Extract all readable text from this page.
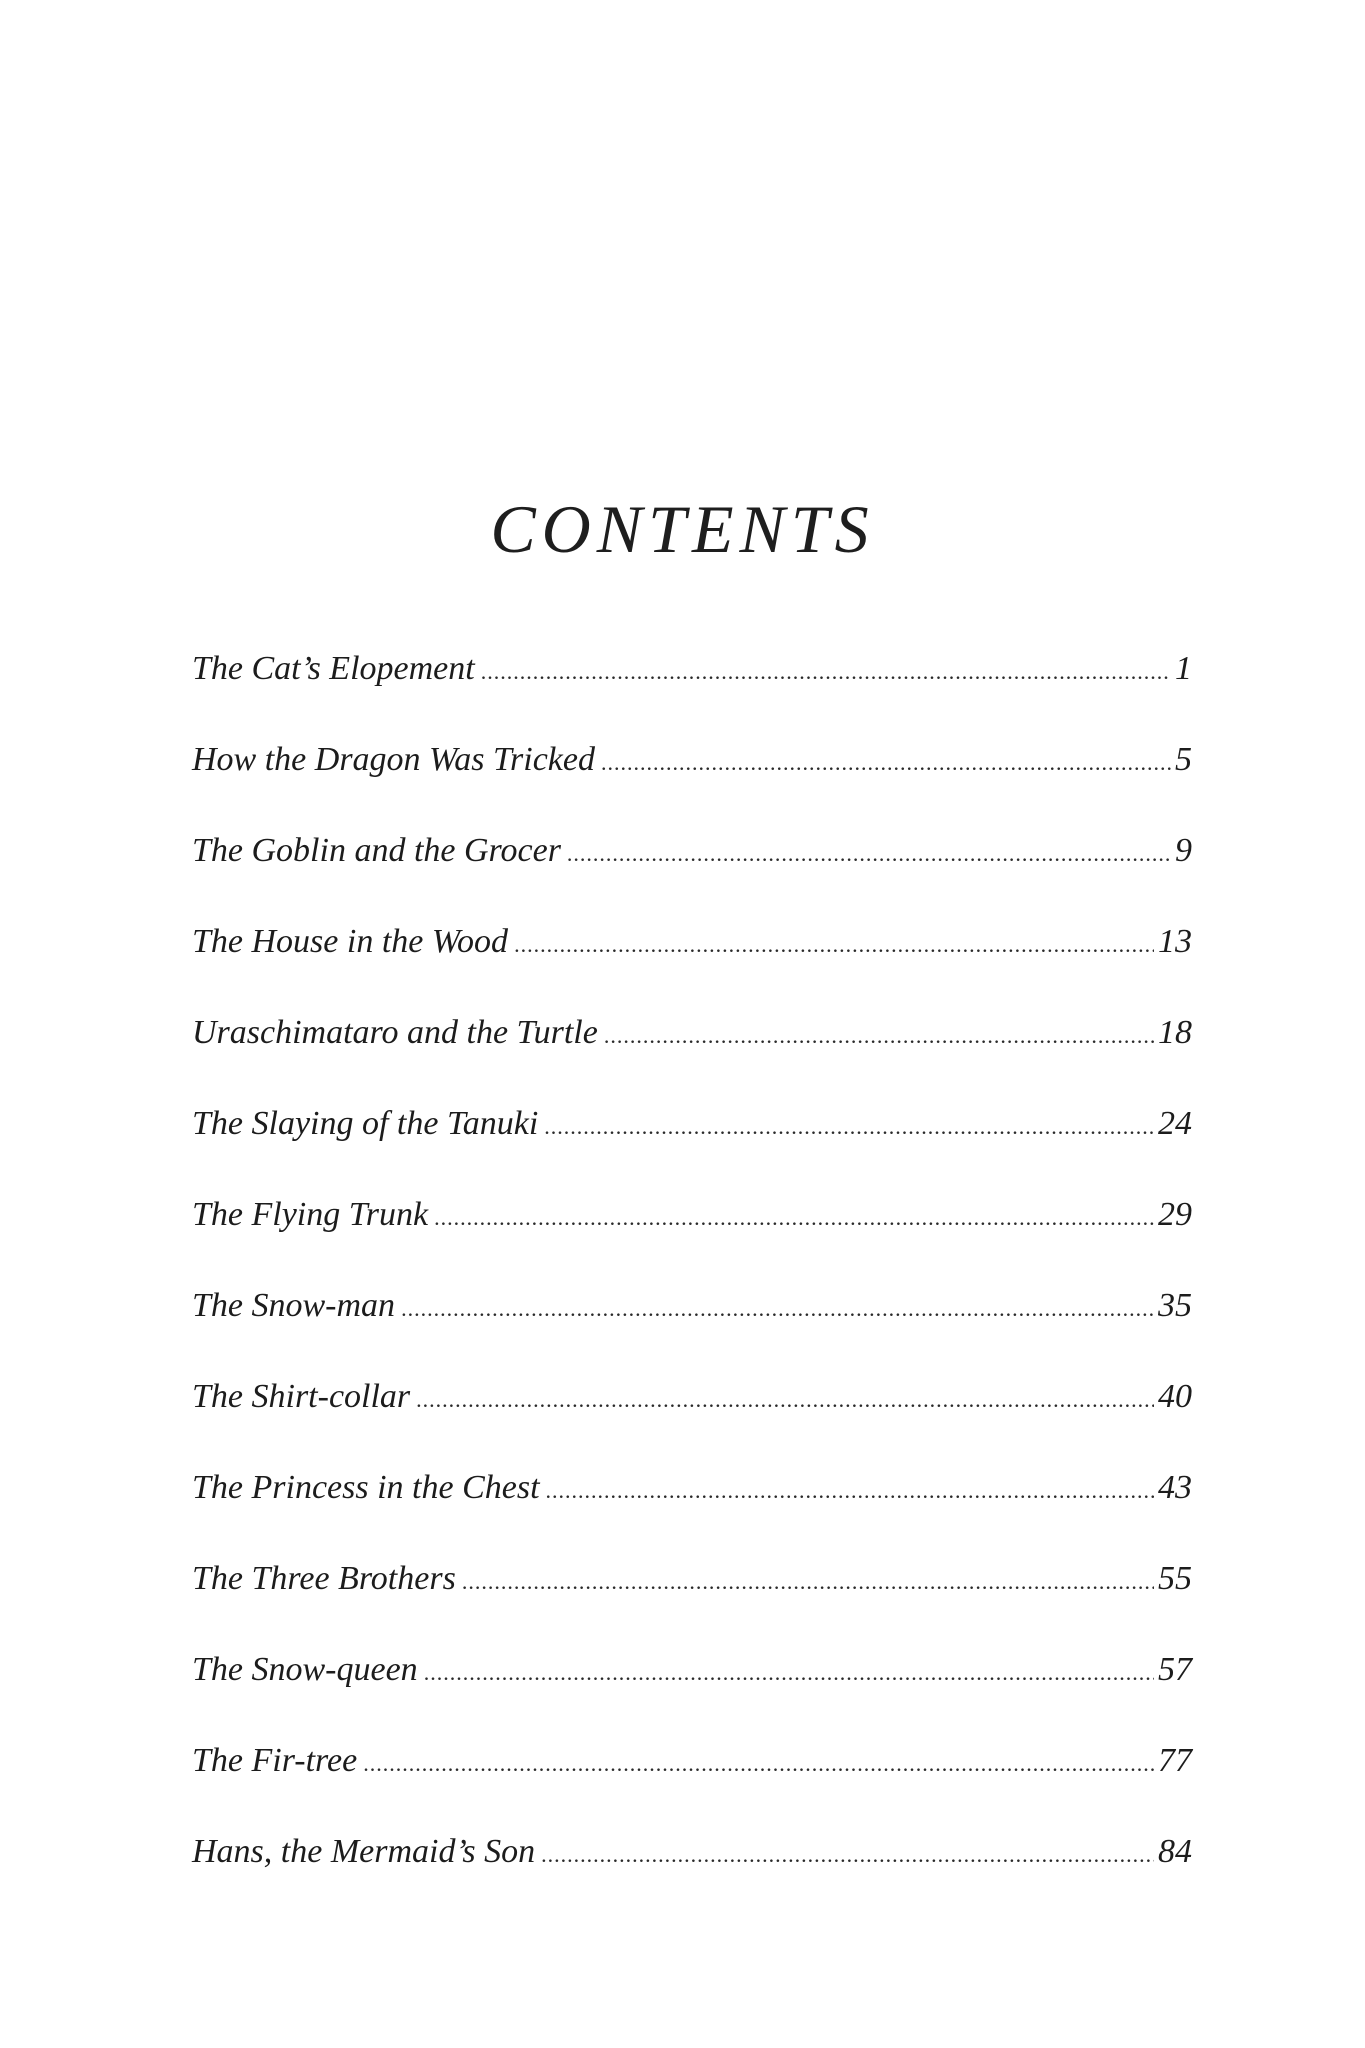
CONTENTS
The Cat’s Elopement .....	1
How the Dragon Was Tricked .....	5
The Goblin and the Grocer .....	9
The House in the Wood .....	13
Uraschimataro and the Turtle .....	18
The Slaying of the Tanuki .....	24
The Flying Trunk .....	29
The Snow-man .....	35
The Shirt-collar .....	40
The Princess in the Chest .....	43
The Three Brothers .....	55
The Snow-queen .....	57
The Fir-tree .....	77
Hans, the Mermaid’s Son .....	84
